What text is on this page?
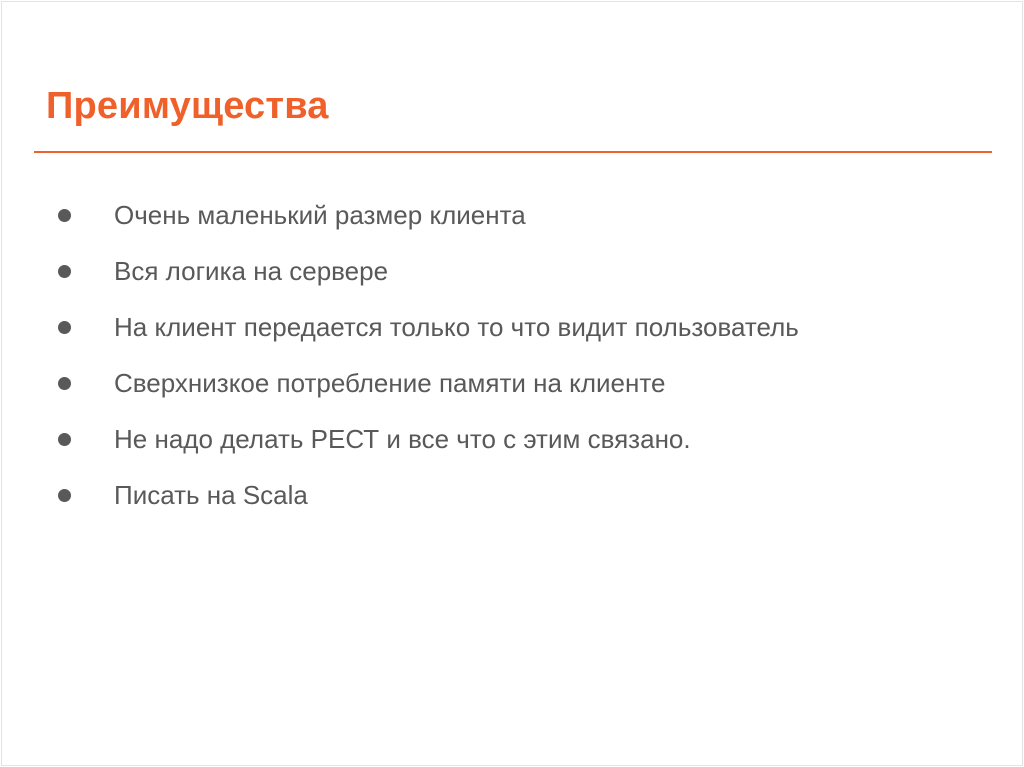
Преимущества
Очень маленький размер клиента
Вся логика на сервере
На клиент передается только то что видит пользователь
Сверхнизкое потребление памяти на клиенте
Не надо делать РЕСТ и все что с этим связано.
Писать на Scala
